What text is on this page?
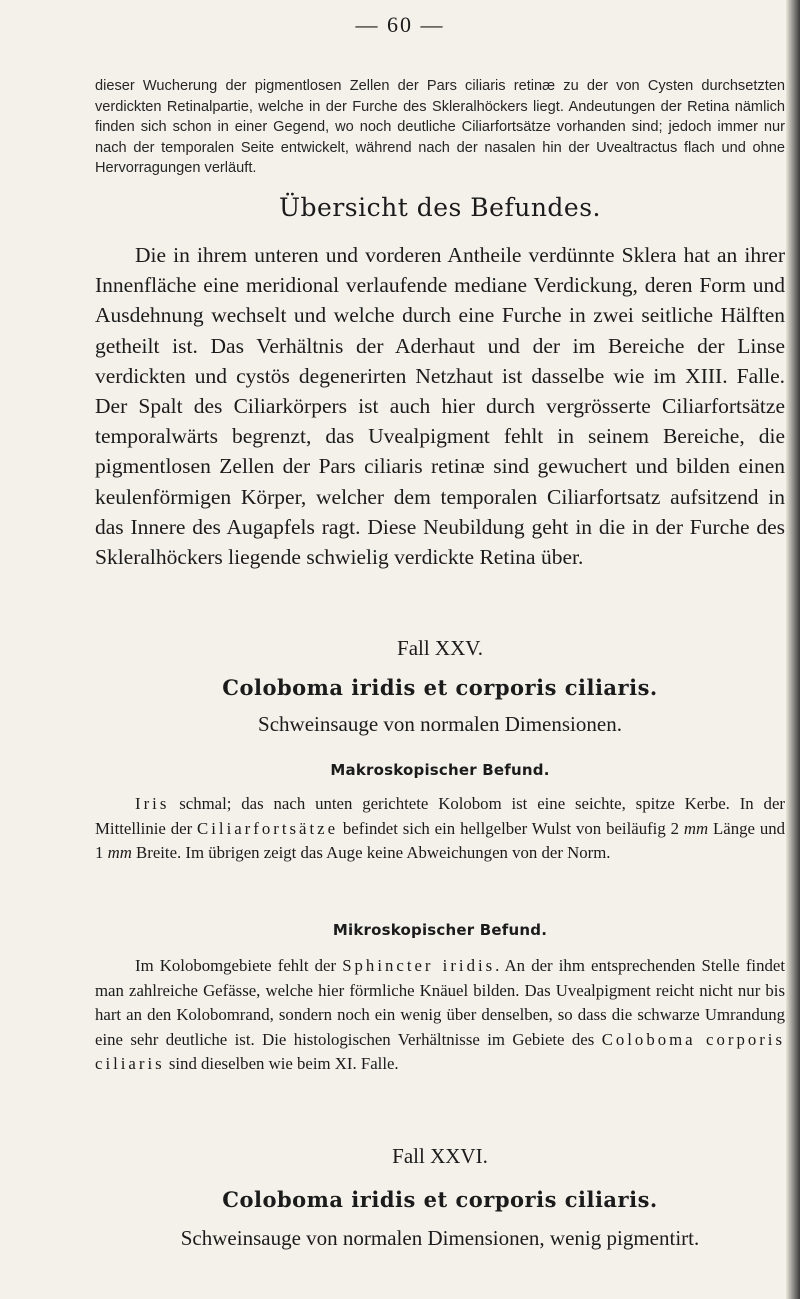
— 60 —

dieser Wucherung der pigmentlosen Zellen der Pars ciliaris retinæ zu der von Cysten durchsetzten verdickten Retinalpartie, welche in der Furche des Skleralhöckers liegt. Andeutungen der Retina nämlich finden sich schon in einer Gegend, wo noch deutliche Ciliarfortsätze vorhanden sind; jedoch immer nur nach der temporalen Seite entwickelt, während nach der nasalen hin der Uvealtractus flach und ohne Hervorragungen verläuft.

Übersicht des Befundes.

Die in ihrem unteren und vorderen Antheile verdünnte Sklera hat an ihrer Innenfläche eine meridional verlaufende mediane Verdickung, deren Form und Ausdehnung wechselt und welche durch eine Furche in zwei seitliche Hälften getheilt ist. Das Verhältnis der Aderhaut und der im Bereiche der Linse verdickten und cystös degenerirten Netzhaut ist dasselbe wie im XIII. Falle. Der Spalt des Ciliarkörpers ist auch hier durch vergrösserte Ciliarfortsätze temporalwärts begrenzt, das Uvealpigment fehlt in seinem Bereiche, die pigmentlosen Zellen der Pars ciliaris retinæ sind gewuchert und bilden einen keulenförmigen Körper, welcher dem temporalen Ciliarfortsatz aufsitzend in das Innere des Augapfels ragt. Diese Neubildung geht in die in der Furche des Skleralhöckers liegende schwielig verdickte Retina über.

Fall XXV.
Coloboma iridis et corporis ciliaris.
Schweinsauge von normalen Dimensionen.
Makroskopischer Befund.

Iris schmal; das nach unten gerichtete Kolobom ist eine seichte, spitze Kerbe. In der Mittellinie der Ciliarfortsätze befindet sich ein hellgelber Wulst von beiläufig 2 mm Länge und 1 mm Breite. Im übrigen zeigt das Auge keine Abweichungen von der Norm.

Mikroskopischer Befund.

Im Kolobomgebiete fehlt der Sphincter iridis. An der ihm entsprechenden Stelle findet man zahlreiche Gefässe, welche hier förmliche Knäuel bilden. Das Uvealpigment reicht nicht nur bis hart an den Kolobomrand, sondern noch ein wenig über denselben, so dass die schwarze Umrandung eine sehr deutliche ist. Die histologischen Verhältnisse im Gebiete des Coloboma corporis ciliaris sind dieselben wie beim XI. Falle.

Fall XXVI.
Coloboma iridis et corporis ciliaris.
Schweinsauge von normalen Dimensionen, wenig pigmentirt.
